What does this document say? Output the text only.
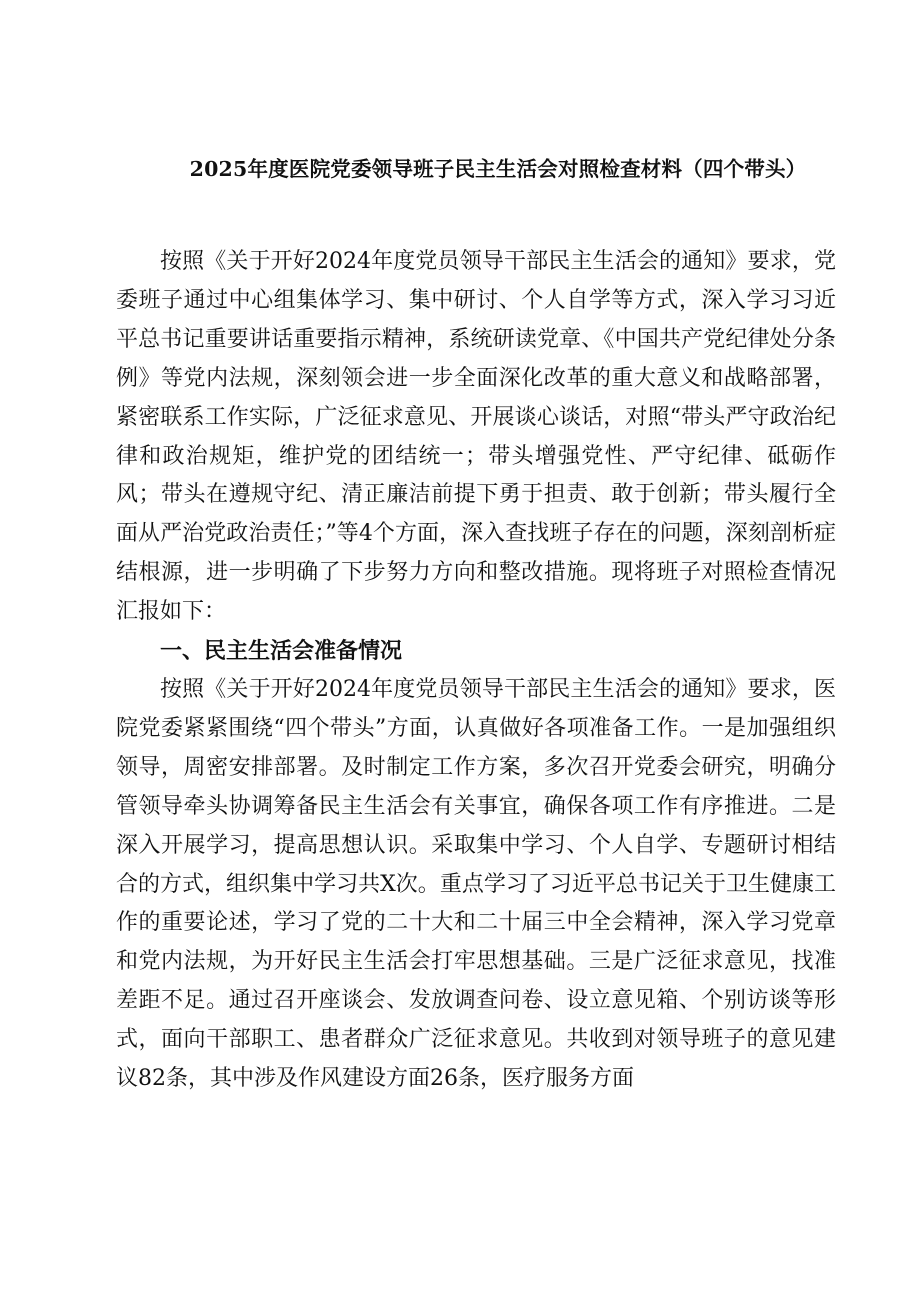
2025年度医院党委领导班子民主生活会对照检查材料（四个带头）

按照《关于开好2024年度党员领导干部民主生活会的通知》要求，党委班子通过中心组集体学习、集中研讨、个人自学等方式，深入学习习近平总书记重要讲话重要指示精神，系统研读党章、《中国共产党纪律处分条例》等党内法规，深刻领会进一步全面深化改革的重大意义和战略部署，紧密联系工作实际，广泛征求意见、开展谈心谈话，对照“带头严守政治纪律和政治规矩，维护党的团结统一；带头增强党性、严守纪律、砥砺作风；带头在遵规守纪、清正廉洁前提下勇于担责、敢于创新；带头履行全面从严治党政治责任；”等4个方面，深入查找班子存在的问题，深刻剖析症结根源，进一步明确了下步努力方向和整改措施。现将班子对照检查情况汇报如下：

一、民主生活会准备情况

按照《关于开好2024年度党员领导干部民主生活会的通知》要求，医院党委紧紧围绕“四个带头”方面，认真做好各项准备工作。一是加强组织领导，周密安排部署。及时制定工作方案，多次召开党委会研究，明确分管领导牵头协调筹备民主生活会有关事宜，确保各项工作有序推进。二是深入开展学习，提高思想认识。采取集中学习、个人自学、专题研讨相结合的方式，组织集中学习共X次。重点学习了习近平总书记关于卫生健康工作的重要论述，学习了党的二十大和二十届三中全会精神，深入学习党章和党内法规，为开好民主生活会打牢思想基础。三是广泛征求意见，找准差距不足。通过召开座谈会、发放调查问卷、设立意见箱、个别访谈等形式，面向干部职工、患者群众广泛征求意见。共收到对领导班子的意见建议82条，其中涉及作风建设方面26条，医疗服务方面
